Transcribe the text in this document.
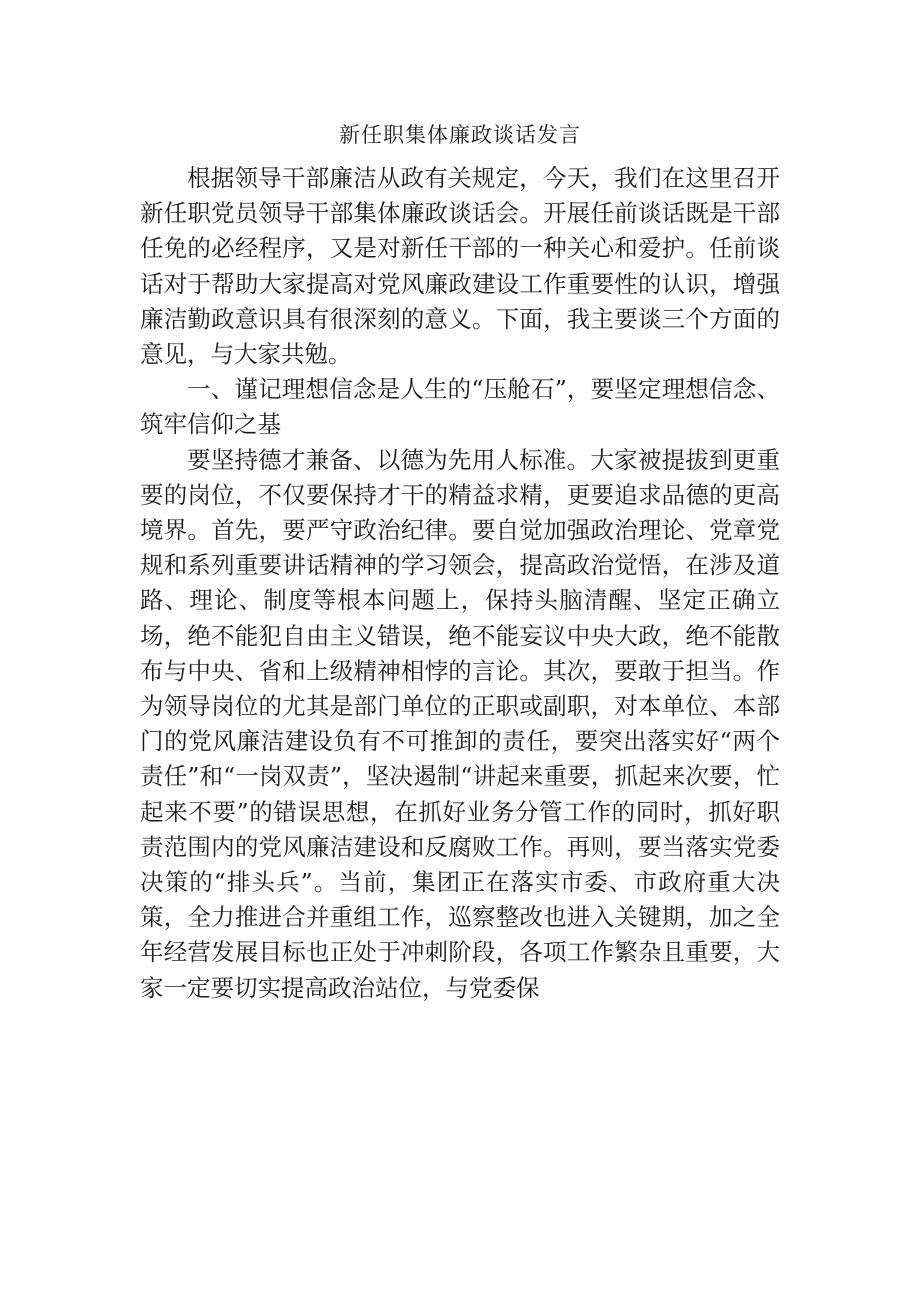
新任职集体廉政谈话发言

根据领导干部廉洁从政有关规定，今天，我们在这里召开新任职党员领导干部集体廉政谈话会。开展任前谈话既是干部任免的必经程序，又是对新任干部的一种关心和爱护。任前谈话对于帮助大家提高对党风廉政建设工作重要性的认识，增强廉洁勤政意识具有很深刻的意义。下面，我主要谈三个方面的意见，与大家共勉。

一、谨记理想信念是人生的“压舱石”，要坚定理想信念、筑牢信仰之基

要坚持德才兼备、以德为先用人标准。大家被提拔到更重要的岗位，不仅要保持才干的精益求精，更要追求品德的更高境界。首先，要严守政治纪律。要自觉加强政治理论、党章党规和系列重要讲话精神的学习领会，提高政治觉悟，在涉及道路、理论、制度等根本问题上，保持头脑清醒、坚定正确立场，绝不能犯自由主义错误，绝不能妄议中央大政，绝不能散布与中央、省和上级精神相悖的言论。其次，要敢于担当。作为领导岗位的尤其是部门单位的正职或副职，对本单位、本部门的党风廉洁建设负有不可推卸的责任，要突出落实好“两个责任”和“一岗双责”，坚决遏制“讲起来重要，抓起来次要，忙起来不要”的错误思想，在抓好业务分管工作的同时，抓好职责范围内的党风廉洁建设和反腐败工作。再则，要当落实党委决策的“排头兵”。当前，集团正在落实市委、市政府重大决策，全力推进合并重组工作，巡察整改也进入关键期，加之全年经营发展目标也正处于冲刺阶段，各项工作繁杂且重要，大家一定要切实提高政治站位，与党委保
